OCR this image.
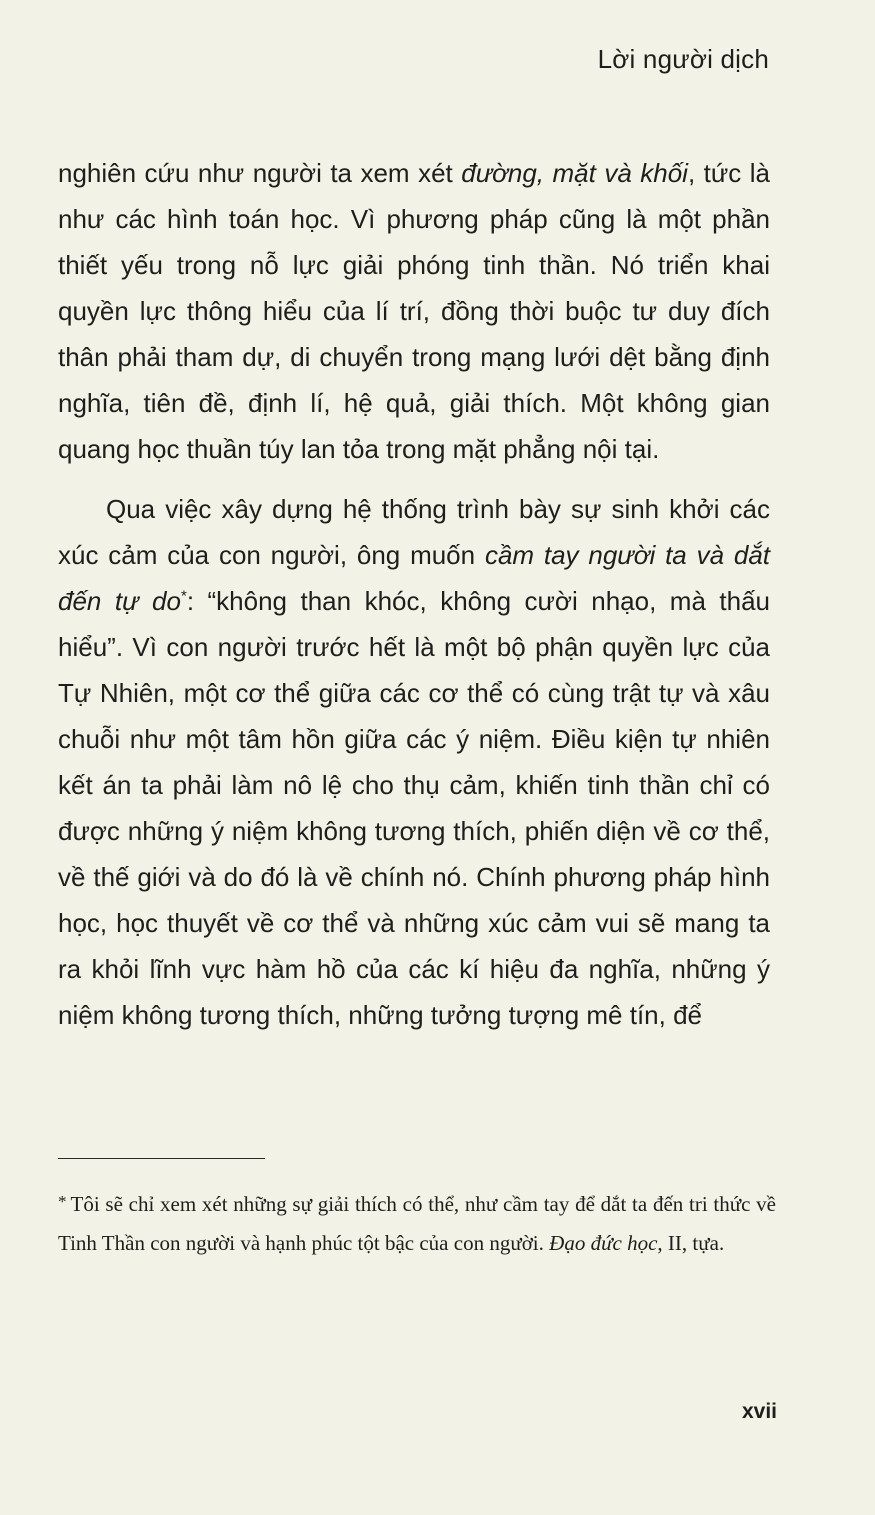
Lời người dịch

nghiên cứu như người ta xem xét đường, mặt và khối, tức là như các hình toán học. Vì phương pháp cũng là một phần thiết yếu trong nỗ lực giải phóng tinh thần. Nó triển khai quyền lực thông hiểu của lí trí, đồng thời buộc tư duy đích thân phải tham dự, di chuyển trong mạng lưới dệt bằng định nghĩa, tiên đề, định lí, hệ quả, giải thích. Một không gian quang học thuần túy lan tỏa trong mặt phẳng nội tại.

Qua việc xây dựng hệ thống trình bày sự sinh khởi các xúc cảm của con người, ông muốn cầm tay người ta và dắt đến tự do*: “không than khóc, không cười nhạo, mà thấu hiểu”. Vì con người trước hết là một bộ phận quyền lực của Tự Nhiên, một cơ thể giữa các cơ thể có cùng trật tự và xâu chuỗi như một tâm hồn giữa các ý niệm. Điều kiện tự nhiên kết án ta phải làm nô lệ cho thụ cảm, khiến tinh thần chỉ có được những ý niệm không tương thích, phiến diện về cơ thể, về thế giới và do đó là về chính nó. Chính phương pháp hình học, học thuyết về cơ thể và những xúc cảm vui sẽ mang ta ra khỏi lĩnh vực hàm hồ của các kí hiệu đa nghĩa, những ý niệm không tương thích, những tưởng tượng mê tín, để

* Tôi sẽ chỉ xem xét những sự giải thích có thể, như cầm tay để dắt ta đến tri thức về Tinh Thần con người và hạnh phúc tột bậc của con người. Đạo đức học, II, tựa.
xvii
